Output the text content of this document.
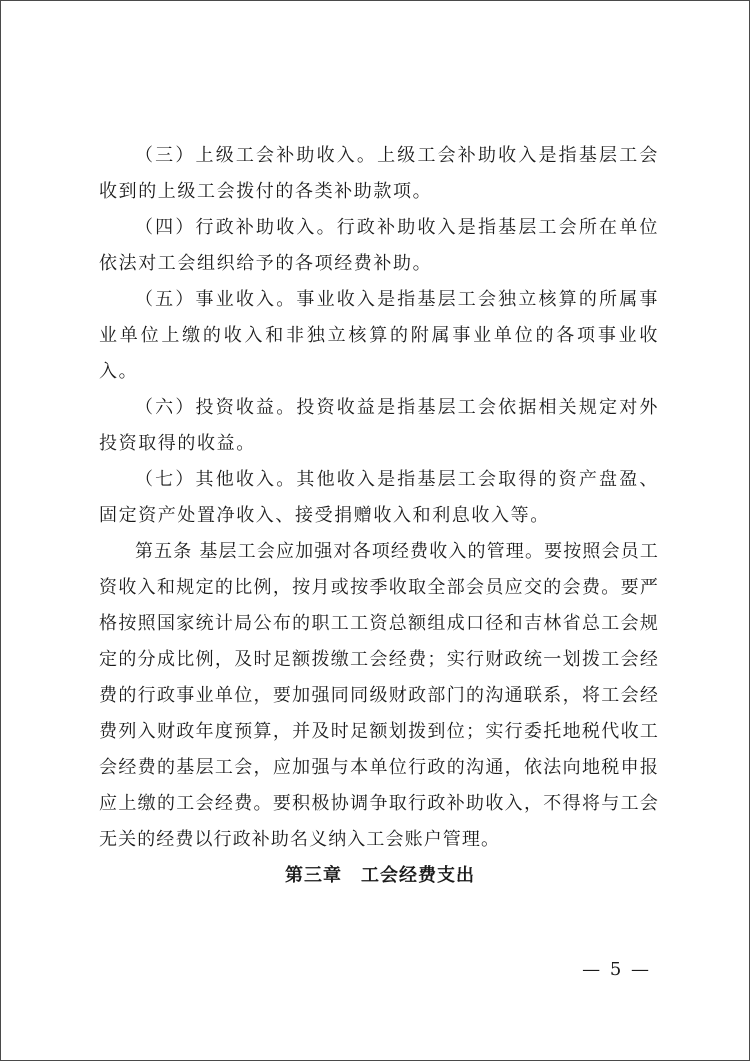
（三）上级工会补助收入。上级工会补助收入是指基层工会收到的上级工会拨付的各类补助款项。

（四）行政补助收入。行政补助收入是指基层工会所在单位依法对工会组织给予的各项经费补助。

（五）事业收入。事业收入是指基层工会独立核算的所属事业单位上缴的收入和非独立核算的附属事业单位的各项事业收入。

（六）投资收益。投资收益是指基层工会依据相关规定对外投资取得的收益。

（七）其他收入。其他收入是指基层工会取得的资产盘盈、固定资产处置净收入、接受捐赠收入和利息收入等。

第五条 基层工会应加强对各项经费收入的管理。要按照会员工资收入和规定的比例，按月或按季收取全部会员应交的会费。要严格按照国家统计局公布的职工工资总额组成口径和吉林省总工会规定的分成比例，及时足额拨缴工会经费；实行财政统一划拨工会经费的行政事业单位，要加强同同级财政部门的沟通联系，将工会经费列入财政年度预算，并及时足额划拨到位；实行委托地税代收工会经费的基层工会，应加强与本单位行政的沟通，依法向地税申报应上缴的工会经费。要积极协调争取行政补助收入，不得将与工会无关的经费以行政补助名义纳入工会账户管理。

第三章　工会经费支出
— 5 —
